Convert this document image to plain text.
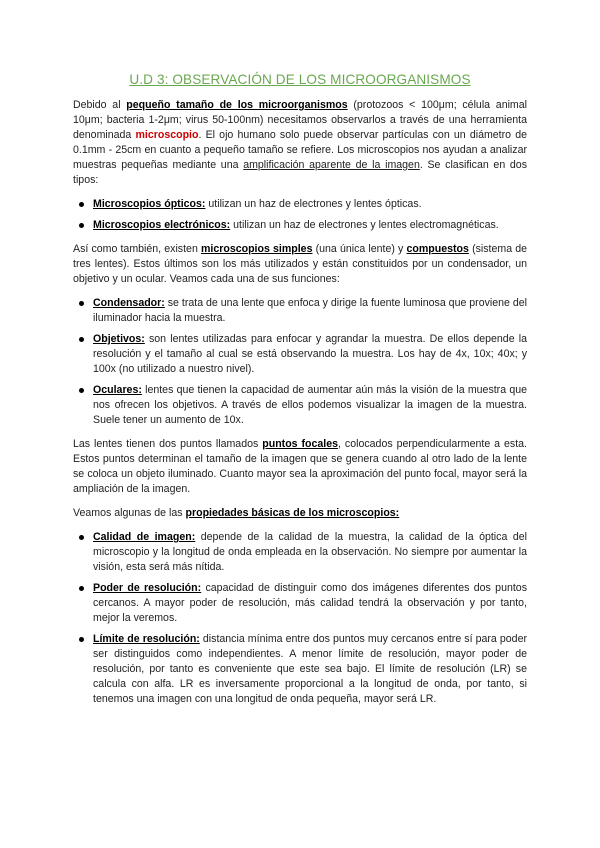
U.D 3: OBSERVACIÓN DE LOS MICROORGANISMOS

Debido al pequeño tamaño de los microorganismos (protozoos < 100μm; célula animal 10μm; bacteria 1-2μm; virus 50-100nm) necesitamos observarlos a través de una herramienta denominada microscopio. El ojo humano solo puede observar partículas con un diámetro de 0.1mm - 25cm en cuanto a pequeño tamaño se refiere. Los microscopios nos ayudan a analizar muestras pequeñas mediante una amplificación aparente de la imagen. Se clasifican en dos tipos:

Microscopios ópticos: utilizan un haz de electrones y lentes ópticas.
Microscopios electrónicos: utilizan un haz de electrones y lentes electromagnéticas.

Así como también, existen microscopios simples (una única lente) y compuestos (sistema de tres lentes). Estos últimos son los más utilizados y están constituidos por un condensador, un objetivo y un ocular. Veamos cada una de sus funciones:

Condensador: se trata de una lente que enfoca y dirige la fuente luminosa que proviene del iluminador hacia la muestra.
Objetivos: son lentes utilizadas para enfocar y agrandar la muestra. De ellos depende la resolución y el tamaño al cual se está observando la muestra. Los hay de 4x, 10x; 40x; y 100x (no utilizado a nuestro nivel).
Oculares: lentes que tienen la capacidad de aumentar aún más la visión de la muestra que nos ofrecen los objetivos. A través de ellos podemos visualizar la imagen de la muestra. Suele tener un aumento de 10x.

Las lentes tienen dos puntos llamados puntos focales, colocados perpendicularmente a esta. Estos puntos determinan el tamaño de la imagen que se genera cuando al otro lado de la lente se coloca un objeto iluminado. Cuanto mayor sea la aproximación del punto focal, mayor será la ampliación de la imagen.

Veamos algunas de las propiedades básicas de los microscopios:

Calidad de imagen: depende de la calidad de la muestra, la calidad de la óptica del microscopio y la longitud de onda empleada en la observación. No siempre por aumentar la visión, esta será más nítida.
Poder de resolución: capacidad de distinguir como dos imágenes diferentes dos puntos cercanos. A mayor poder de resolución, más calidad tendrá la observación y por tanto, mejor la veremos.
Límite de resolución: distancia mínima entre dos puntos muy cercanos entre sí para poder ser distinguidos como independientes. A menor límite de resolución, mayor poder de resolución, por tanto es conveniente que este sea bajo. El límite de resolución (LR) se calcula con alfa. LR es inversamente proporcional a la longitud de onda, por tanto, si tenemos una imagen con una longitud de onda pequeña, mayor será LR.
